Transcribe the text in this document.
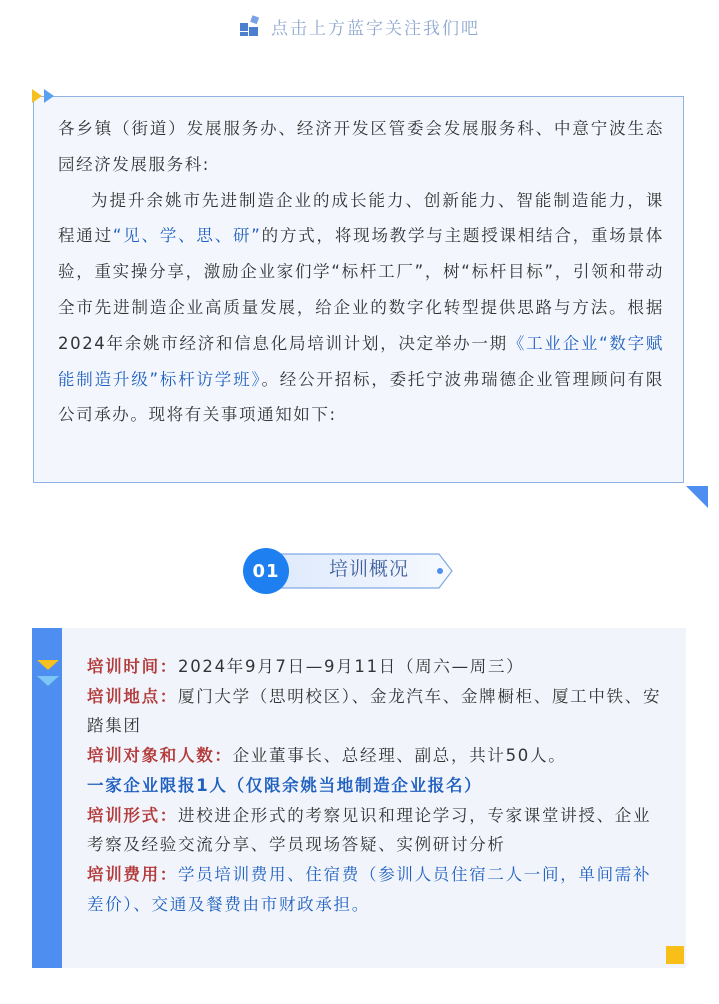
点击上方蓝字关注我们吧

各乡镇（街道）发展服务办、经济开发区管委会发展服务科、中意宁波生态园经济发展服务科:

为提升余姚市先进制造企业的成长能力、创新能力、智能制造能力，课程通过“见、学、思、研”的方式，将现场教学与主题授课相结合，重场景体验，重实操分享，激励企业家们学“标杆工厂”，树“标杆目标”，引领和带动全市先进制造企业高质量发展，给企业的数字化转型提供思路与方法。根据2024年余姚市经济和信息化局培训计划，决定举办一期《工业企业“数字赋能制造升级”标杆访学班》。经公开招标，委托宁波弗瑞德企业管理顾问有限公司承办。现将有关事项通知如下:

01	培训概况

培训时间：2024年9月7日—9月11日（周六—周三）

培训地点：厦门大学（思明校区）、金龙汽车、金牌橱柜、厦工中铁、安踏集团

培训对象和人数：企业董事长、总经理、副总，共计50人。

一家企业限报1人（仅限余姚当地制造企业报名）

培训形式：进校进企形式的考察见识和理论学习，专家课堂讲授、企业考察及经验交流分享、学员现场答疑、实例研讨分析

培训费用：学员培训费用、住宿费（参训人员住宿二人一间，单间需补差价）、交通及餐费由市财政承担。
